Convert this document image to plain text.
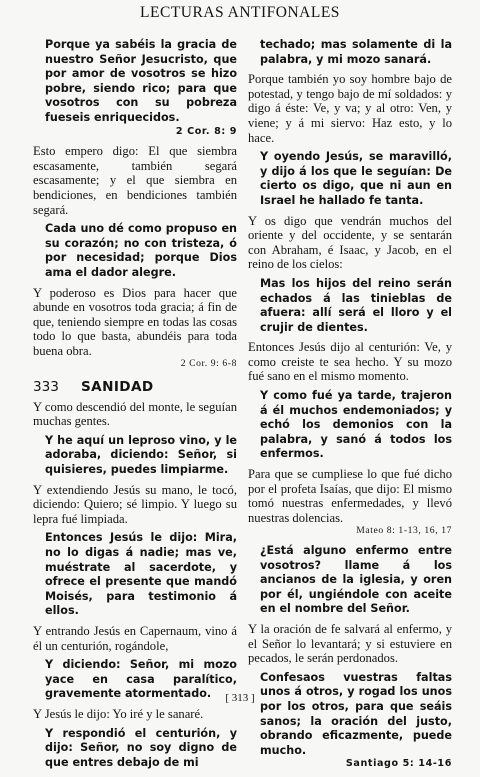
LECTURAS ANTIFONALES

Porque ya sabéis la gracia de nuestro Señor Jesucristo, que por amor de vosotros se hizo pobre, siendo rico; para que vosotros con su pobreza fueseis enriquecidos.
2 Cor. 8: 9

Esto empero digo: El que siembra escasamente, también segará escasamente; y el que siembra en bendiciones, en bendiciones también segará.

Cada uno dé como propuso en su corazón; no con tristeza, ó por necesidad; porque Dios ama el dador alegre.

Y poderoso es Dios para hacer que abunde en vosotros toda gracia; á fin de que, teniendo siempre en todas las cosas todo lo que basta, abundéis para toda buena obra.
2 Cor. 9: 6-8

333 SANIDAD

Y como descendió del monte, le seguían muchas gentes.

Y he aquí un leproso vino, y le adoraba, diciendo: Señor, si quisieres, puedes limpiarme.

Y extendiendo Jesús su mano, le tocó, diciendo: Quiero; sé limpio. Y luego su lepra fué limpiada.

Entonces Jesús le dijo: Mira, no lo digas á nadie; mas ve, muéstrate al sacerdote, y ofrece el presente que mandó Moisés, para testimonio á ellos.

Y entrando Jesús en Capernaum, vino á él un centurión, rogándole,

Y diciendo: Señor, mi mozo yace en casa paralítico, gravemente atormentado.

Y Jesús le dijo: Yo iré y le sanaré.

Y respondió el centurión, y dijo: Señor, no soy digno de que entres debajo de mi

techado; mas solamente di la palabra, y mi mozo sanará.

Porque también yo soy hombre bajo de potestad, y tengo bajo de mí soldados: y digo á éste: Ve, y va; y al otro: Ven, y viene; y á mi siervo: Haz esto, y lo hace.

Y oyendo Jesús, se maravilló, y dijo á los que le seguían: De cierto os digo, que ni aun en Israel he hallado fe tanta.

Y os digo que vendrán muchos del oriente y del occidente, y se sentarán con Abraham, é Isaac, y Jacob, en el reino de los cielos:

Mas los hijos del reino serán echados á las tinieblas de afuera: allí será el lloro y el crujir de dientes.

Entonces Jesús dijo al centurión: Ve, y como creiste te sea hecho. Y su mozo fué sano en el mismo momento.

Y como fué ya tarde, trajeron á él muchos endemoniados; y echó los demonios con la palabra, y sanó á todos los enfermos.

Para que se cumpliese lo que fué dicho por el profeta Isaías, que dijo: El mismo tomó nuestras enfermedades, y llevó nuestras dolencias.
Mateo 8: 1-13, 16, 17

¿Está alguno enfermo entre vosotros? llame á los ancianos de la iglesia, y oren por él, ungiéndole con aceite en el nombre del Señor.

Y la oración de fe salvará al enfermo, y el Señor lo levantará; y si estuviere en pecados, le serán perdonados.

Confesaos vuestras faltas unos á otros, y rogad los unos por los otros, para que seáis sanos; la oración del justo, obrando eficazmente, puede mucho.
Santiago 5: 14-16

[ 313 ]
